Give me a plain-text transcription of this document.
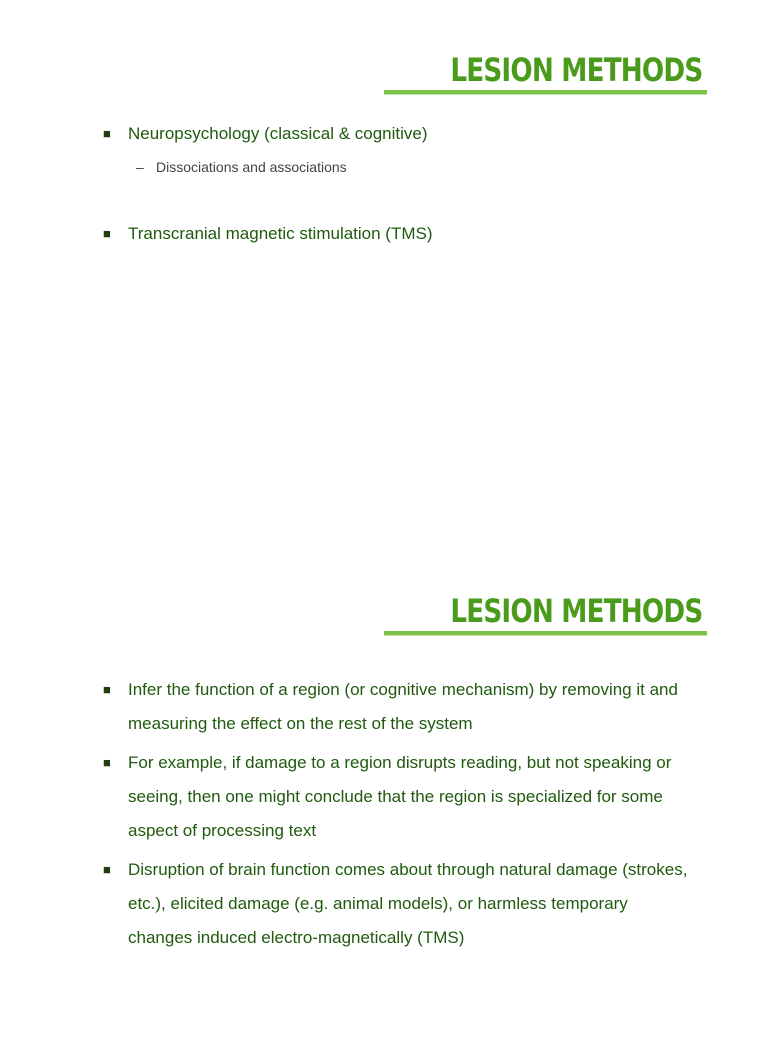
LESION METHODS
■ Neuropsychology (classical & cognitive)
– Dissociations and associations
■ Transcranial magnetic stimulation (TMS)
LESION METHODS
■ Infer the function of a region (or cognitive mechanism) by removing it and measuring the effect on the rest of the system
■ For example, if damage to a region disrupts reading, but not speaking or seeing, then one might conclude that the region is specialized for some aspect of processing text
■ Disruption of brain function comes about through natural damage (strokes, etc.), elicited damage (e.g. animal models), or harmless temporary changes induced electro-magnetically (TMS)
